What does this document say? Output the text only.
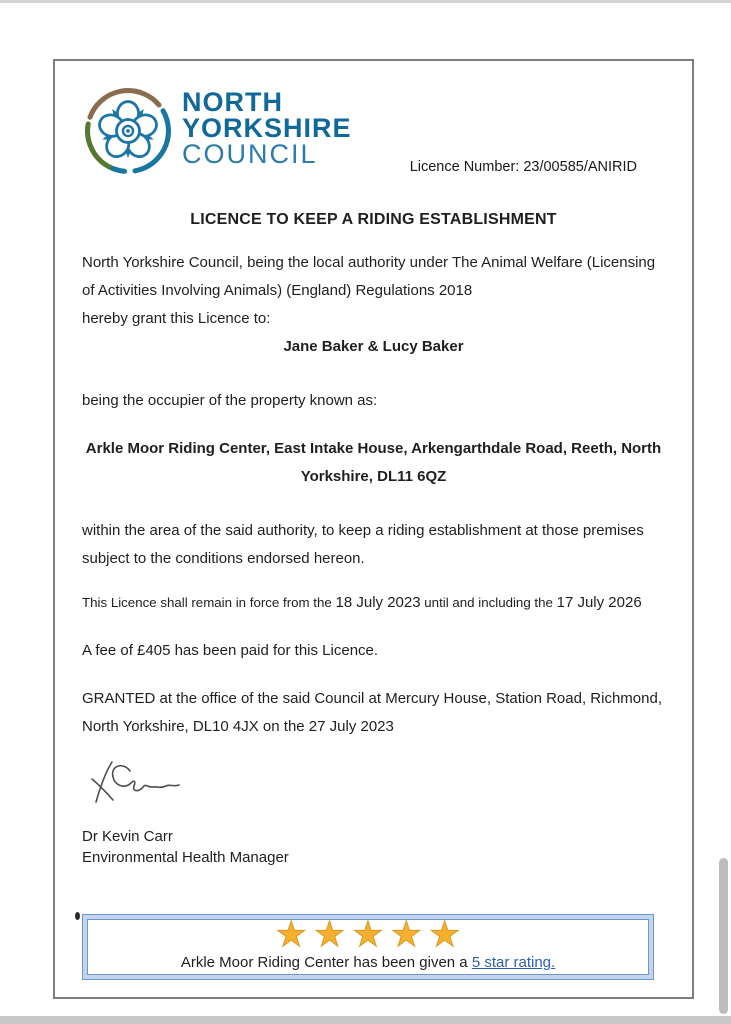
NORTH
YORKSHIRE
COUNCIL	Licence Number: 23/00585/ANIRID
LICENCE TO KEEP A RIDING ESTABLISHMENT
North Yorkshire Council, being the local authority under The Animal Welfare (Licensing
of Activities Involving Animals) (England) Regulations 2018
hereby grant this Licence to:
Jane Baker & Lucy Baker
being the occupier of the property known as:
Arkle Moor Riding Center, East Intake House, Arkengarthdale Road, Reeth, North
Yorkshire, DL11 6QZ
within the area of the said authority, to keep a riding establishment at those premises
subject to the conditions endorsed hereon.
This Licence shall remain in force from the 18 July 2023 until and including the 17 July 2026
A fee of £405 has been paid for this Licence.
GRANTED at the office of the said Council at Mercury House, Station Road, Richmond,
North Yorkshire, DL10 4JX on the 27 July 2023
Dr Kevin Carr
Environmental Health Manager
★★★★★
Arkle Moor Riding Center has been given a 5 star rating.
